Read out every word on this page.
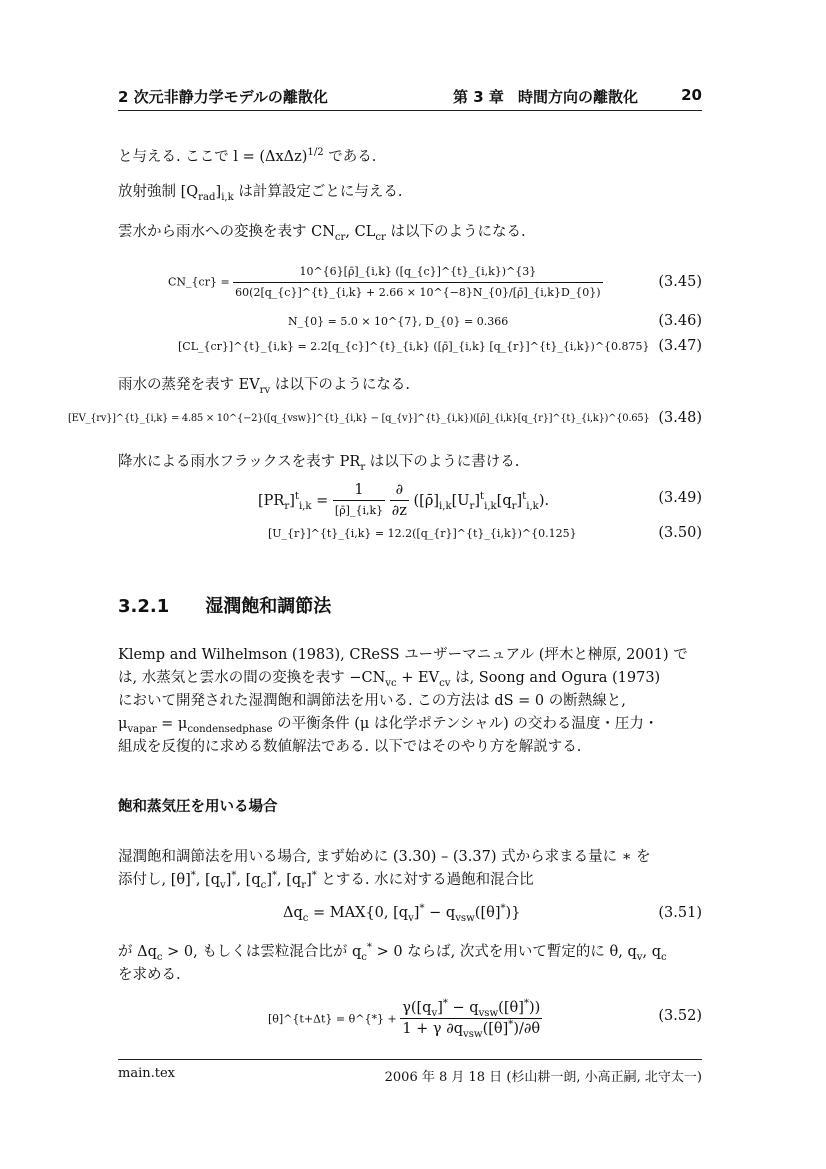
2 次元非静力学モデルの離散化	第 3 章 時間方向の離散化	20
と与える. ここで $l = (\Delta x\Delta z)^{1/2}$ である.
放射強制 $[Q_{rad}]_{i,k}$ は計算設定ごとに与える.
雲水から雨水への変換を表す $CN_{cr}$, $CL_{cr}$ は以下のようになる.
CN_{cr} = $\frac{10\^{}\{6\}[\rhō]\_\{i,k\} ([q\_\{c\}]\^{}\{t\}\_\{i,k\})\^{}\{3\}}{60(2[q\_\{c\}]\^{}\{t\}\_\{i,k\} + 2.66 \times 10\^{}\{-8\}N\_\{0\}/[\rhō]\_\{i,k\}D\_\{0\})}$	(3.45)
N_{0} = 5.0 × 10^{7}, D_{0} = 0.366	(3.46)
[CL_{cr}]^{t}_{i,k} = 2.2[q_{c}]^{t}_{i,k} ([ρ̄]_{i,k} [q_{r}]^{t}_{i,k})^{0.875} (3.47)
雨水の蒸発を表す $EV_{rv}$ は以下のようになる.
[EV_{rv}]^{t}_{i,k} = 4.85 × 10^{−2}([q_{vsw}]^{t}_{i,k} − [q_{v}]^{t}_{i,k})([ρ̄]_{i,k}[q_{r}]^{t}_{i,k})^{0.65} (3.48)
降水による雨水フラックスを表す $PR_r$ は以下のように書ける.
$[PR_r]^t_{i,k} = \frac{1}{[\rhō]\_\{i,k\}}$
$\frac{\partial}{\partial z}$ $([\rhō]_{i,k}[U_r]^t_{i,k}[q_r]^t_{i,k})$.	(3.49)
[U_{r}]^{t}_{i,k} = 12.2([q_{r}]^{t}_{i,k})^{0.125}	(3.50)
3.2.1 湿潤飽和調節法
Klemp and Wilhelmson (1983), CReSS ユーザーマニュアル (坪木と榊原, 2001) で
は, 水蒸気と雲水の間の変換を表す $-CN_{vc} + EV_{cv}$ は, Soong and Ogura (1973)
において開発された湿潤飽和調節法を用いる. この方法は dS = 0 の断熱線と,
$\mu_{vapar} = \mu_{condensedphase}$ の平衡条件 (μ は化学ポテンシャル) の交わる温度・圧力・
組成を反復的に求める数値解法である. 以下ではそのやり方を解説する.
飽和蒸気圧を用いる場合
湿潤飽和調節法を用いる場合, まず始めに (3.30) – (3.37) 式から求まる量に ∗ を
添付し, [θ]*, $[q_v]^*$, $[q_c]^*$, $[q_r]^*$ とする. 水に対する過飽和混合比
$\Delta q_c = MAX\{0$, $[q_v]^* - q_{vsw}([\theta]^*)$}	(3.51)
が $\Delta q_c > 0$, もしくは雲粒混合比が $q_c^* > 0$ ならば, 次式を用いて暫定的に θ, $q_v$, $q_c$
を求める.
[θ]^{t+Δt} = θ^{*} + $\frac{\gamma([q_v]^* - q_{vsw}([\theta]^*))}{1 + \gamma \partial q_{vsw}([\theta]^*)/\partial\theta}$	(3.52)
main.tex	2006 年 8 月 18 日 (杉山耕一朗, 小高正嗣, 北守太一)
